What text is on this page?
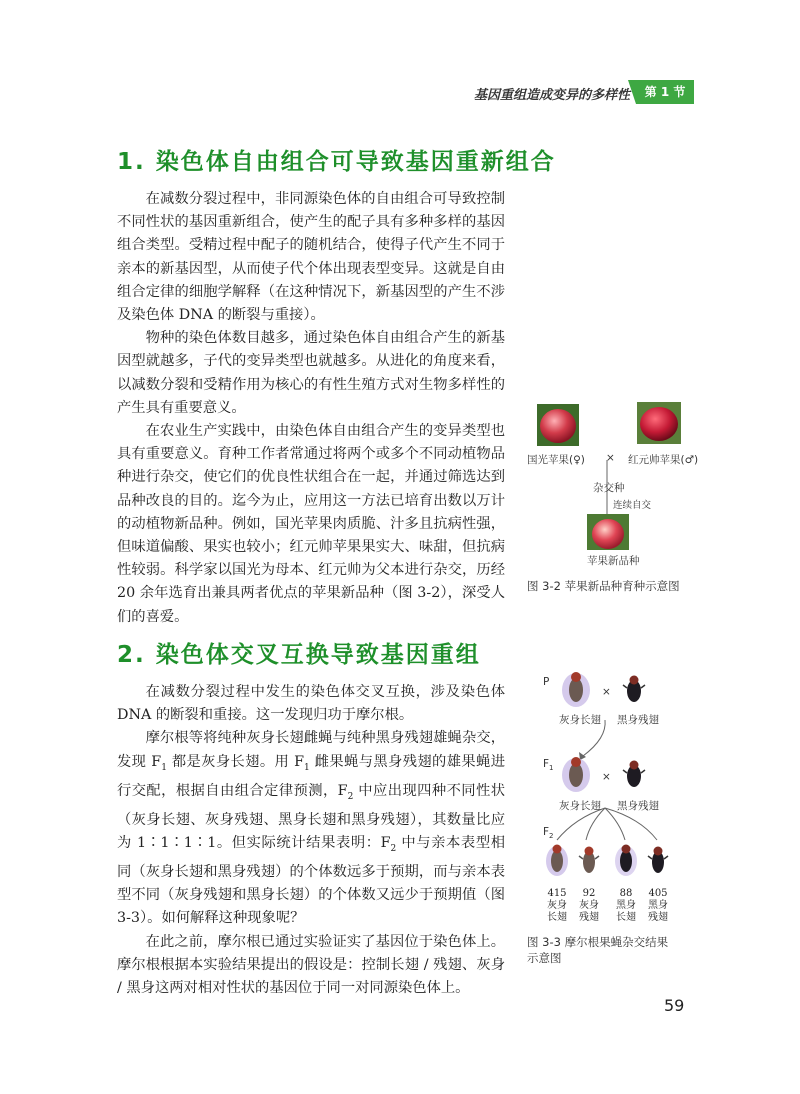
基因重组造成变异的多样性	第 1 节
1. 染色体自由组合可导致基因重新组合

在减数分裂过程中，非同源染色体的自由组合可导致控制不同性状的基因重新组合，使产生的配子具有多种多样的基因组合类型。受精过程中配子的随机结合，使得子代产生不同于亲本的新基因型，从而使子代个体出现表型变异。这就是自由组合定律的细胞学解释（在这种情况下，新基因型的产生不涉及染色体 DNA 的断裂与重接）。

物种的染色体数目越多，通过染色体自由组合产生的新基因型就越多，子代的变异类型也就越多。从进化的角度来看，以减数分裂和受精作用为核心的有性生殖方式对生物多样性的产生具有重要意义。

在农业生产实践中，由染色体自由组合产生的变异类型也具有重要意义。育种工作者常通过将两个或多个不同动植物品种进行杂交，使它们的优良性状组合在一起，并通过筛选达到品种改良的目的。迄今为止，应用这一方法已培育出数以万计的动植物新品种。例如，国光苹果肉质脆、汁多且抗病性强，但味道偏酸、果实也较小；红元帅苹果果实大、味甜，但抗病性较弱。科学家以国光为母本、红元帅为父本进行杂交，历经 20 余年选育出兼具两者优点的苹果新品种（图 3-2），深受人们的喜爱。

2. 染色体交叉互换导致基因重组

在减数分裂过程中发生的染色体交叉互换，涉及染色体 DNA 的断裂和重接。这一发现归功于摩尔根。

摩尔根等将纯种灰身长翅雌蝇与纯种黑身残翅雄蝇杂交，发现 $F_1$ 都是灰身长翅。用 $F_1$ 雌果蝇与黑身残翅的雄果蝇进行交配，根据自由组合定律预测，$F_2$ 中应出现四种不同性状（灰身长翅、灰身残翅、黑身长翅和黑身残翅），其数量比应为 1∶1∶1∶1。但实际统计结果表明：$F_2$ 中与亲本表型相同（灰身长翅和黑身残翅）的个体数远多于预期，而与亲本表型不同（灰身残翅和黑身长翅）的个体数又远少于预期值（图 3-3）。如何解释这种现象呢？

在此之前，摩尔根已通过实验证实了基因位于染色体上。摩尔根根据本实验结果提出的假设是：控制长翅 / 残翅、灰身 / 黑身这两对相对性状的基因位于同一对同源染色体上。

国光苹果(♀) × 红元帅苹果(♂)
杂交种
连续自交
苹果新品种
图 3-2 苹果新品种育种示意图
P
×
灰身长翅 黑身残翅
$F_1$
×
灰身长翅 黑身残翅
$F_2$
415
灰身
长翅
92
灰身
残翅
88
黑身
长翅
405
黑身
残翅
图 3-3 摩尔根果蝇杂交结果
示意图
59
